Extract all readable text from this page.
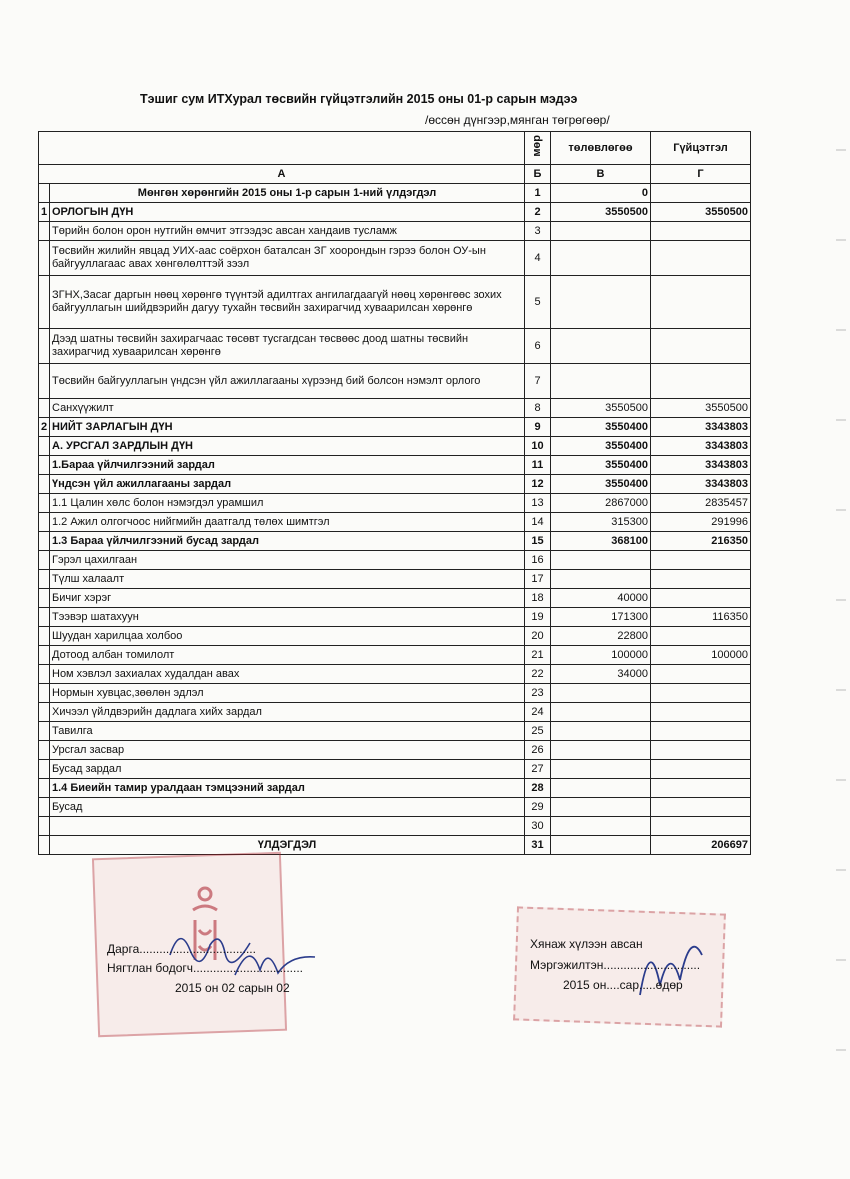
Тэшиг сум ИТХурал төсвийн гүйцэтгэлийн 2015 оны 01-р сарын мэдээ
/өссөн дүнгээр,мянган төгрөгөөр/
		мөр	төлөвлөгөө	Гүйцэтгэл
А		Б	В	Г
	Мөнгөн хөрөнгийн 2015 оны 1-р сарын 1-ний үлдэгдэл	1	0	
1	ОРЛОГЫН ДҮН	2	3550500	3550500
	Төрийн болон орон нутгийн өмчит этгээдэс авсан хандаив тусламж	3		
	Төсвийн жилийн явцад УИХ-аас соёрхон баталсан ЗГ хоорондын гэрээ болон ОУ-ын байгууллагаас авах хөнгөлөлттэй зээл	4		
	ЗГНХ,Засаг даргын нөөц хөрөнгө түүнтэй адилтгах ангилагдаагүй нөөц хөрөнгөөс зохих байгууллагын шийдвэрийн дагуу тухайн төсвийн захирагчид хуваарилсан хөрөнгө	5		
	Дээд шатны төсвийн захирагчаас төсөвт тусгагдсан төсвөөс доод шатны төсвийн захирагчид хуваарилсан хөрөнгө	6		
	Төсвийн байгууллагын үндсэн үйл ажиллагааны хүрээнд бий болсон нэмэлт орлого	7		
	Санхүүжилт	8	3550500	3550500
2	НИЙТ ЗАРЛАГЫН ДҮН	9	3550400	3343803
	А. УРСГАЛ ЗАРДЛЫН ДҮН	10	3550400	3343803
	1.Бараа үйлчилгээний зардал	11	3550400	3343803
	Үндсэн үйл ажиллагааны зардал	12	3550400	3343803
	1.1 Цалин хөлс болон нэмэгдэл урамшил	13	2867000	2835457
	1.2 Ажил олгогчоос нийгмийн даатгалд төлөх шимтгэл	14	315300	291996
	1.3 Бараа үйлчилгээний бусад зардал	15	368100	216350
	Гэрэл цахилгаан	16		
	Түлш халаалт	17		
	Бичиг хэрэг	18	40000	
	Тээвэр шатахуун	19	171300	116350
	Шуудан харилцаа холбоо	20	22800	
	Дотоод албан томилолт	21	100000	100000
	Ном хэвлэл захиалах худалдан авах	22	34000	
	Нормын хувцас,зөөлөн эдлэл	23		
	Хичээл үйлдвэрийн дадлага хийх зардал	24		
	Тавилга	25		
	Урсгал засвар	26		
	Бусад зардал	27		
	1.4 Биеийн тамир уралдаан тэмцээний зардал	28		
	Бусад	29		
		30		
	ҮЛДЭГДЭЛ	31		206697
Дарга...................................
Нягтлан бодогч.................................
2015 он 02 сарын 02
Хянаж хүлээн авсан
Мэргэжилтэн.............................
2015 он....сар.....өдөр
